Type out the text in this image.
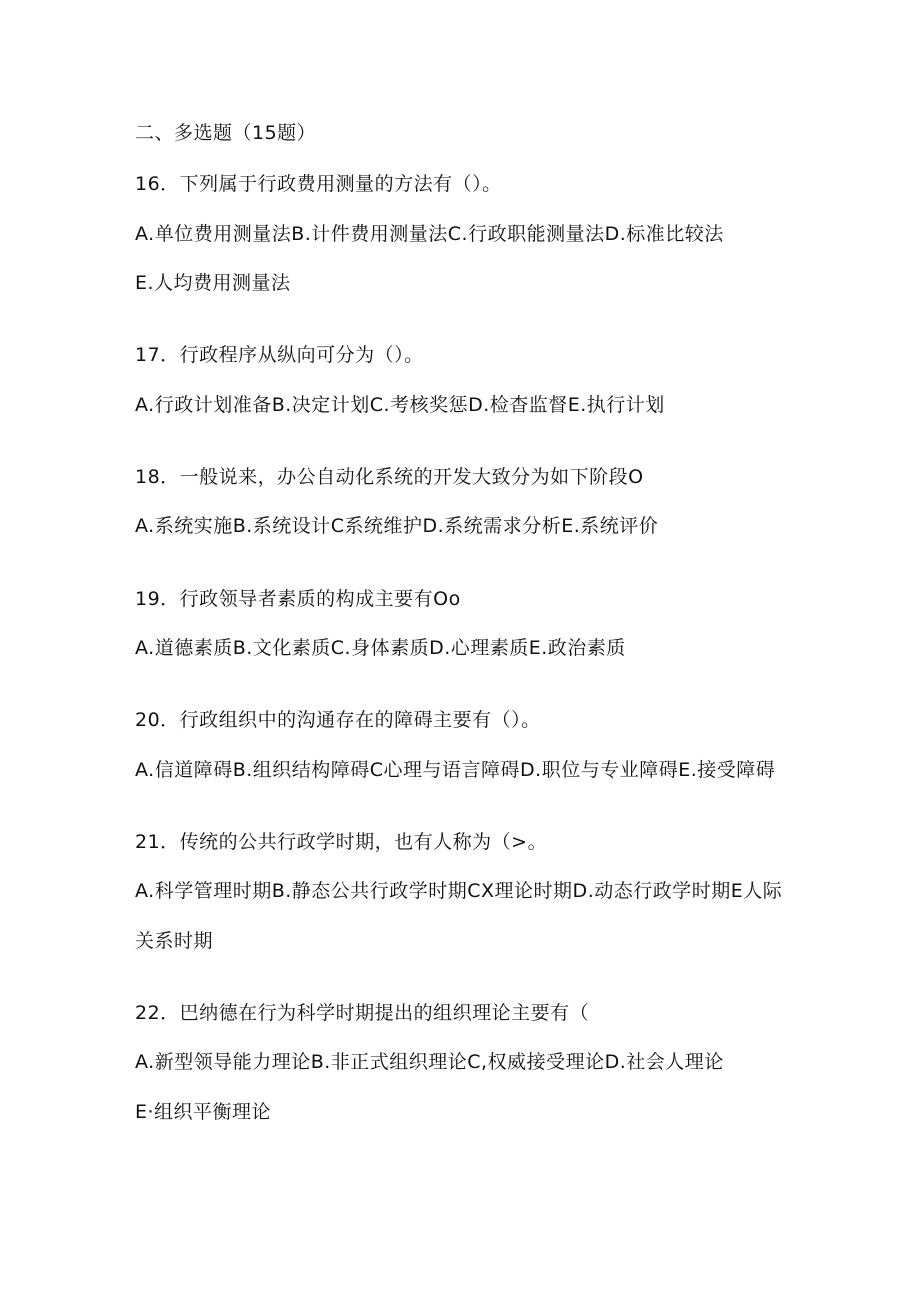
二、多选题（15题）
16．下列属于行政费用测量的方法有（）。
A.单位费用测量法B.计件费用测量法C.行政职能测量法D.标准比较法
E.人均费用测量法
17．行政程序从纵向可分为（）。
A.行政计划准备B.决定计划C.考核奖惩D.检杳监督E.执行计划
18．一般说来，办公自动化系统的开发大致分为如下阶段O
A.系统实施B.系统设计C系统维护D.系统需求分析E.系统评价
19．行政领导者素质的构成主要有Oo
A.道德素质B.文化素质C.身体素质D.心理素质E.政治素质
20．行政组织中的沟通存在的障碍主要有（）。
A.信道障碍B.组织结构障碍C心理与语言障碍D.职位与专业障碍E.接受障碍
21．传统的公共行政学时期，也有人称为（>。
A.科学管理时期B.静态公共行政学时期CX理论时期D.动态行政学时期E人际
关系时期
22．巴纳德在行为科学时期提出的组织理论主要有（
A.新型领导能力理论B.非正式组织理论C,权威接受理论D.社会人理论
E·组织平衡理论
